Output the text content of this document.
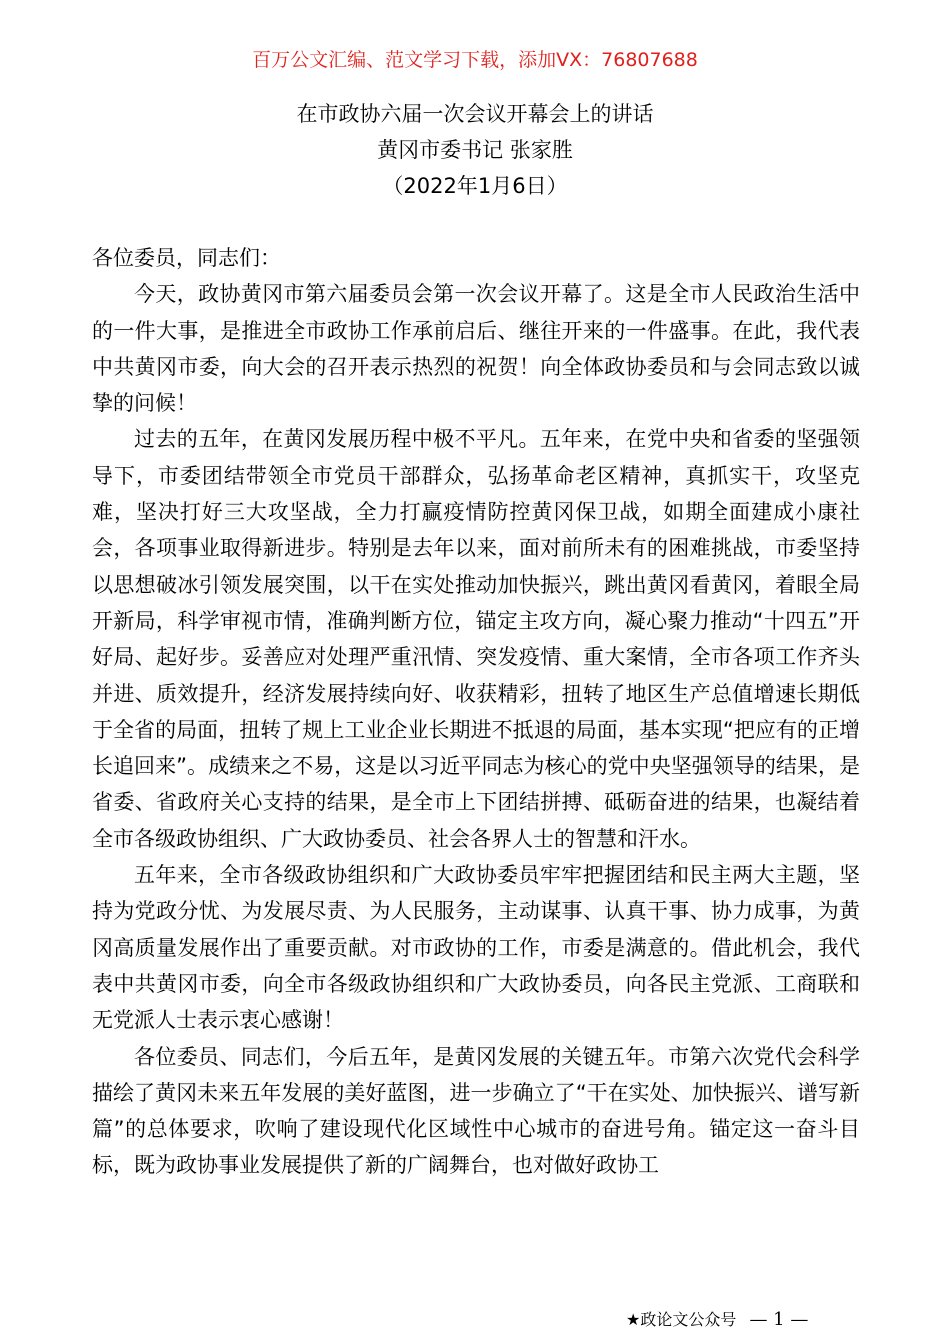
百万公文汇编、范文学习下载，添加VX：76807688
在市政协六届一次会议开幕会上的讲话
黄冈市委书记 张家胜
（2022年1月6日）

各位委员，同志们：

今天，政协黄冈市第六届委员会第一次会议开幕了。这是全市人民政治生活中的一件大事，是推进全市政协工作承前启后、继往开来的一件盛事。在此，我代表中共黄冈市委，向大会的召开表示热烈的祝贺！向全体政协委员和与会同志致以诚挚的问候！

过去的五年，在黄冈发展历程中极不平凡。五年来，在党中央和省委的坚强领导下，市委团结带领全市党员干部群众，弘扬革命老区精神，真抓实干，攻坚克难，坚决打好三大攻坚战，全力打赢疫情防控黄冈保卫战，如期全面建成小康社会，各项事业取得新进步。特别是去年以来，面对前所未有的困难挑战，市委坚持以思想破冰引领发展突围，以干在实处推动加快振兴，跳出黄冈看黄冈，着眼全局开新局，科学审视市情，准确判断方位，锚定主攻方向，凝心聚力推动“十四五”开好局、起好步。妥善应对处理严重汛情、突发疫情、重大案情，全市各项工作齐头并进、质效提升，经济发展持续向好、收获精彩，扭转了地区生产总值增速长期低于全省的局面，扭转了规上工业企业长期进不抵退的局面，基本实现“把应有的正增长追回来”。成绩来之不易，这是以习近平同志为核心的党中央坚强领导的结果，是省委、省政府关心支持的结果，是全市上下团结拼搏、砥砺奋进的结果，也凝结着全市各级政协组织、广大政协委员、社会各界人士的智慧和汗水。

五年来，全市各级政协组织和广大政协委员牢牢把握团结和民主两大主题，坚持为党政分忧、为发展尽责、为人民服务，主动谋事、认真干事、协力成事，为黄冈高质量发展作出了重要贡献。对市政协的工作，市委是满意的。借此机会，我代表中共黄冈市委，向全市各级政协组织和广大政协委员，向各民主党派、工商联和无党派人士表示衷心感谢！

各位委员、同志们，今后五年，是黄冈发展的关键五年。市第六次党代会科学描绘了黄冈未来五年发展的美好蓝图，进一步确立了“干在实处、加快振兴、谱写新篇”的总体要求，吹响了建设现代化区域性中心城市的奋进号角。锚定这一奋斗目标，既为政协事业发展提供了新的广阔舞台，也对做好政协工

★政论文公众号 — 1 —
